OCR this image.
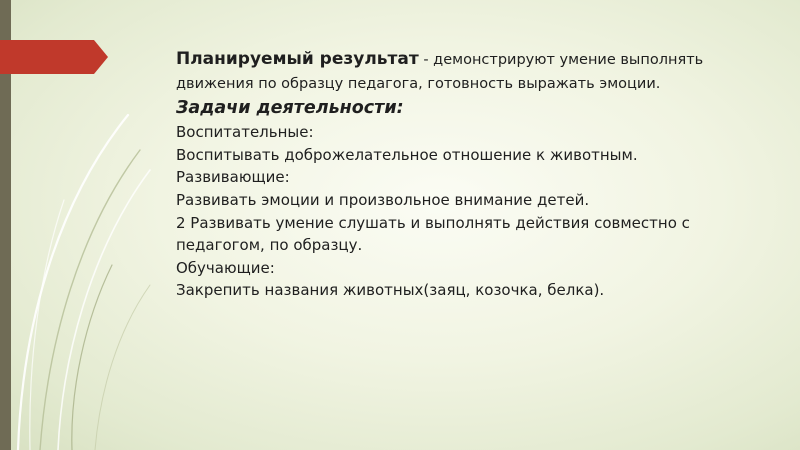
Планируемый результат - демонстрируют умение выполнять движения по образцу педагога, готовность выражать эмоции.

Задачи деятельности:

Воспитательные:

Воспитывать доброжелательное отношение к животным.

Развивающие:

Развивать эмоции и произвольное внимание детей.

2 Развивать умение слушать и выполнять действия совместно с педагогом, по образцу.

Обучающие:

Закрепить названия животных(заяц, козочка, белка).
